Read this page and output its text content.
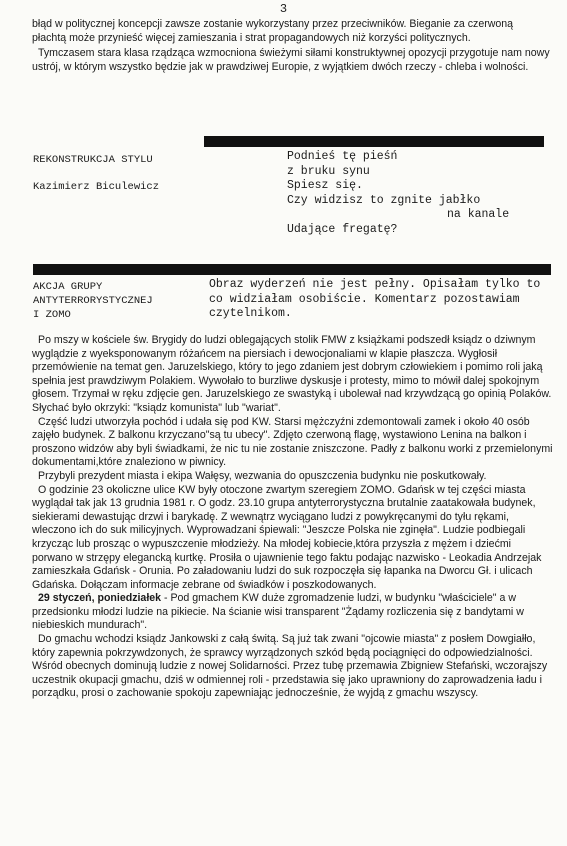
3

błąd w politycznej koncepcji zawsze zostanie wykorzystany przez przeciwników. Bieganie za czerwoną płachtą może przynieść więcej zamieszania i strat propagandowych niż korzyści politycznych.

Tymczasem stara klasa rządząca wzmocniona świeżymi siłami konstruktywnej opozycji przygotuje nam nowy ustrój, w którym wszystko będzie jak w prawdziwej Europie, z wyjątkiem dwóch rzeczy - chleba i wolności.

REKONSTRUKCJA STYLU
Kazimierz Biculewicz
Podnieś tę pieśń
z bruku synu
Spiesz się.
Czy widzisz to zgnite jabłko
na kanale
Udające fregatę?
AKCJA GRUPY
ANTYTERRORYSTYCZNEJ
I ZOMO
Obraz wyderzeń nie jest pełny. Opisałam tylko to co widziałam osobiście. Komentarz pozostawiam czytelnikom.

Po mszy w kościele św. Brygidy do ludzi oblegających stolik FMW z książkami podszedł ksiądz o dziwnym wyglądzie z wyeksponowanym różańcem na piersiach i dewocjonaliami w klapie płaszcza. Wygłosił przemówienie na temat gen. Jaruzelskiego, który to jego zdaniem jest dobrym człowiekiem i pomimo roli jaką spełnia jest prawdziwym Polakiem. Wywołało to burzliwe dyskusje i protesty, mimo to mówił dalej spokojnym głosem. Trzymał w ręku zdjęcie gen. Jaruzelskiego ze swastyką i ubolewał nad krzywdzącą go opinią Polaków. Słychać było okrzyki: "ksiądz komunista" lub "wariat".

Część ludzi utworzyła pochód i udała się pod KW. Starsi mężczyźni zdemontowali zamek i około 40 osób zajęło budynek. Z balkonu krzyczano"są tu ubecy". Zdjęto czerwoną flagę, wystawiono Lenina na balkon i proszono widzów aby byli świadkami, że nic tu nie zostanie zniszczone. Padły z balkonu worki z przemielonymi dokumentami,które znaleziono w piwnicy.

Przybyli prezydent miasta i ekipa Wałęsy, wezwania do opuszczenia budynku nie poskutkowały.

O godzinie 23 okoliczne ulice KW były otoczone zwartym szeregiem ZOMO. Gdańsk w tej części miasta wyglądał tak jak 13 grudnia 1981 r. O godz. 23.10 grupa antyterrorystyczna brutalnie zaatakowała budynek, siekierami dewastując drzwi i barykadę. Z wewnątrz wyciągano ludzi z powykręcanymi do tyłu rękami, wleczono ich do suk milicyjnych. Wyprowadzani śpiewali: "Jeszcze Polska nie zginęła". Ludzie podbiegali krzycząc lub prosząc o wypuszczenie młodzieży. Na młodej kobiecie,która przyszła z mężem i dziećmi porwano w strzępy elegancką kurtkę. Prosiła o ujawnienie tego faktu podając nazwisko - Leokadia Andrzejak zamieszkała Gdańsk - Orunia. Po załadowaniu ludzi do suk rozpoczęła się łapanka na Dworcu Gł. i ulicach Gdańska. Dołączam informacje zebrane od świadków i poszkodowanych.

29 styczeń, poniedziałek - Pod gmachem KW duże zgromadzenie ludzi, w budynku "właściciele" a w przedsionku młodzi ludzie na pikiecie. Na ścianie wisi transparent "Żądamy rozliczenia się z bandytami w niebieskich mundurach".

Do gmachu wchodzi ksiądz Jankowski z całą świtą. Są już tak zwani "ojcowie miasta" z posłem Dowgiałło, który zapewnia pokrzywdzonych, że sprawcy wyrządzonych szkód będą pociągnięci do odpowiedzialności. Wśród obecnych dominują ludzie z nowej Solidarności. Przez tubę przemawia Zbigniew Stefański, wczorajszy uczestnik okupacji gmachu, dziś w odmiennej roli - przedstawia się jako uprawniony do zaprowadzenia ładu i porządku, prosi o zachowanie spokoju zapewniając jednocześnie, że wyjdą z gmachu wszyscy.
